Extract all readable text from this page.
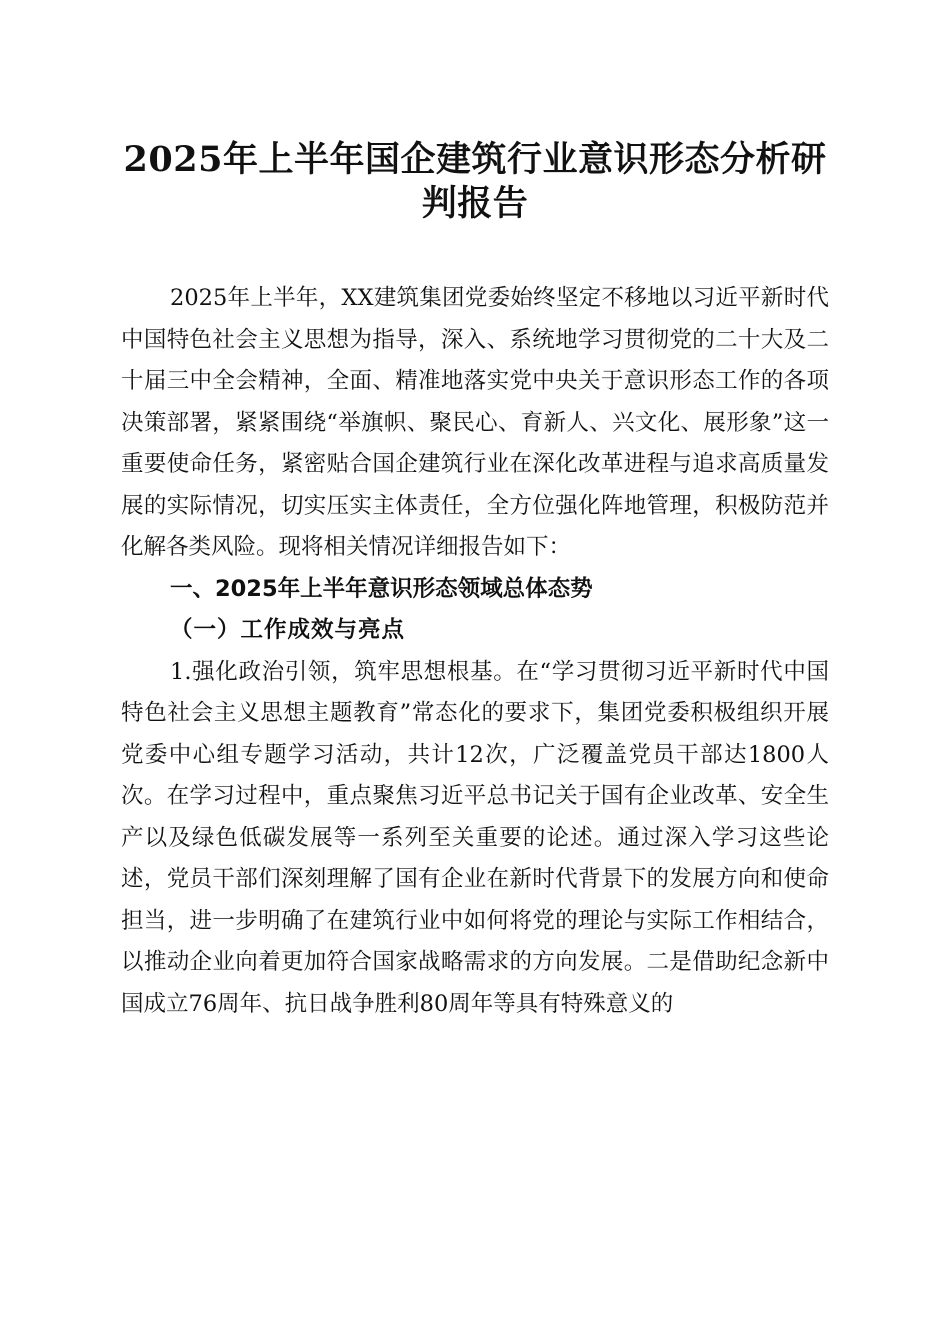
2025年上半年国企建筑行业意识形态分析研
判报告

2025年上半年，XX建筑集团党委始终坚定不移地以习近平新时代中国特色社会主义思想为指导，深入、系统地学习贯彻党的二十大及二十届三中全会精神，全面、精准地落实党中央关于意识形态工作的各项决策部署，紧紧围绕“举旗帜、聚民心、育新人、兴文化、展形象”这一重要使命任务，紧密贴合国企建筑行业在深化改革进程与追求高质量发展的实际情况，切实压实主体责任，全方位强化阵地管理，积极防范并化解各类风险。现将相关情况详细报告如下：

一、2025年上半年意识形态领域总体态势

（一）工作成效与亮点

1.强化政治引领，筑牢思想根基。在“学习贯彻习近平新时代中国特色社会主义思想主题教育”常态化的要求下，集团党委积极组织开展党委中心组专题学习活动，共计12次，广泛覆盖党员干部达1800人次。在学习过程中，重点聚焦习近平总书记关于国有企业改革、安全生产以及绿色低碳发展等一系列至关重要的论述。通过深入学习这些论述，党员干部们深刻理解了国有企业在新时代背景下的发展方向和使命担当，进一步明确了在建筑行业中如何将党的理论与实际工作相结合，以推动企业向着更加符合国家战略需求的方向发展。二是借助纪念新中国成立76周年、抗日战争胜利80周年等具有特殊意义的
